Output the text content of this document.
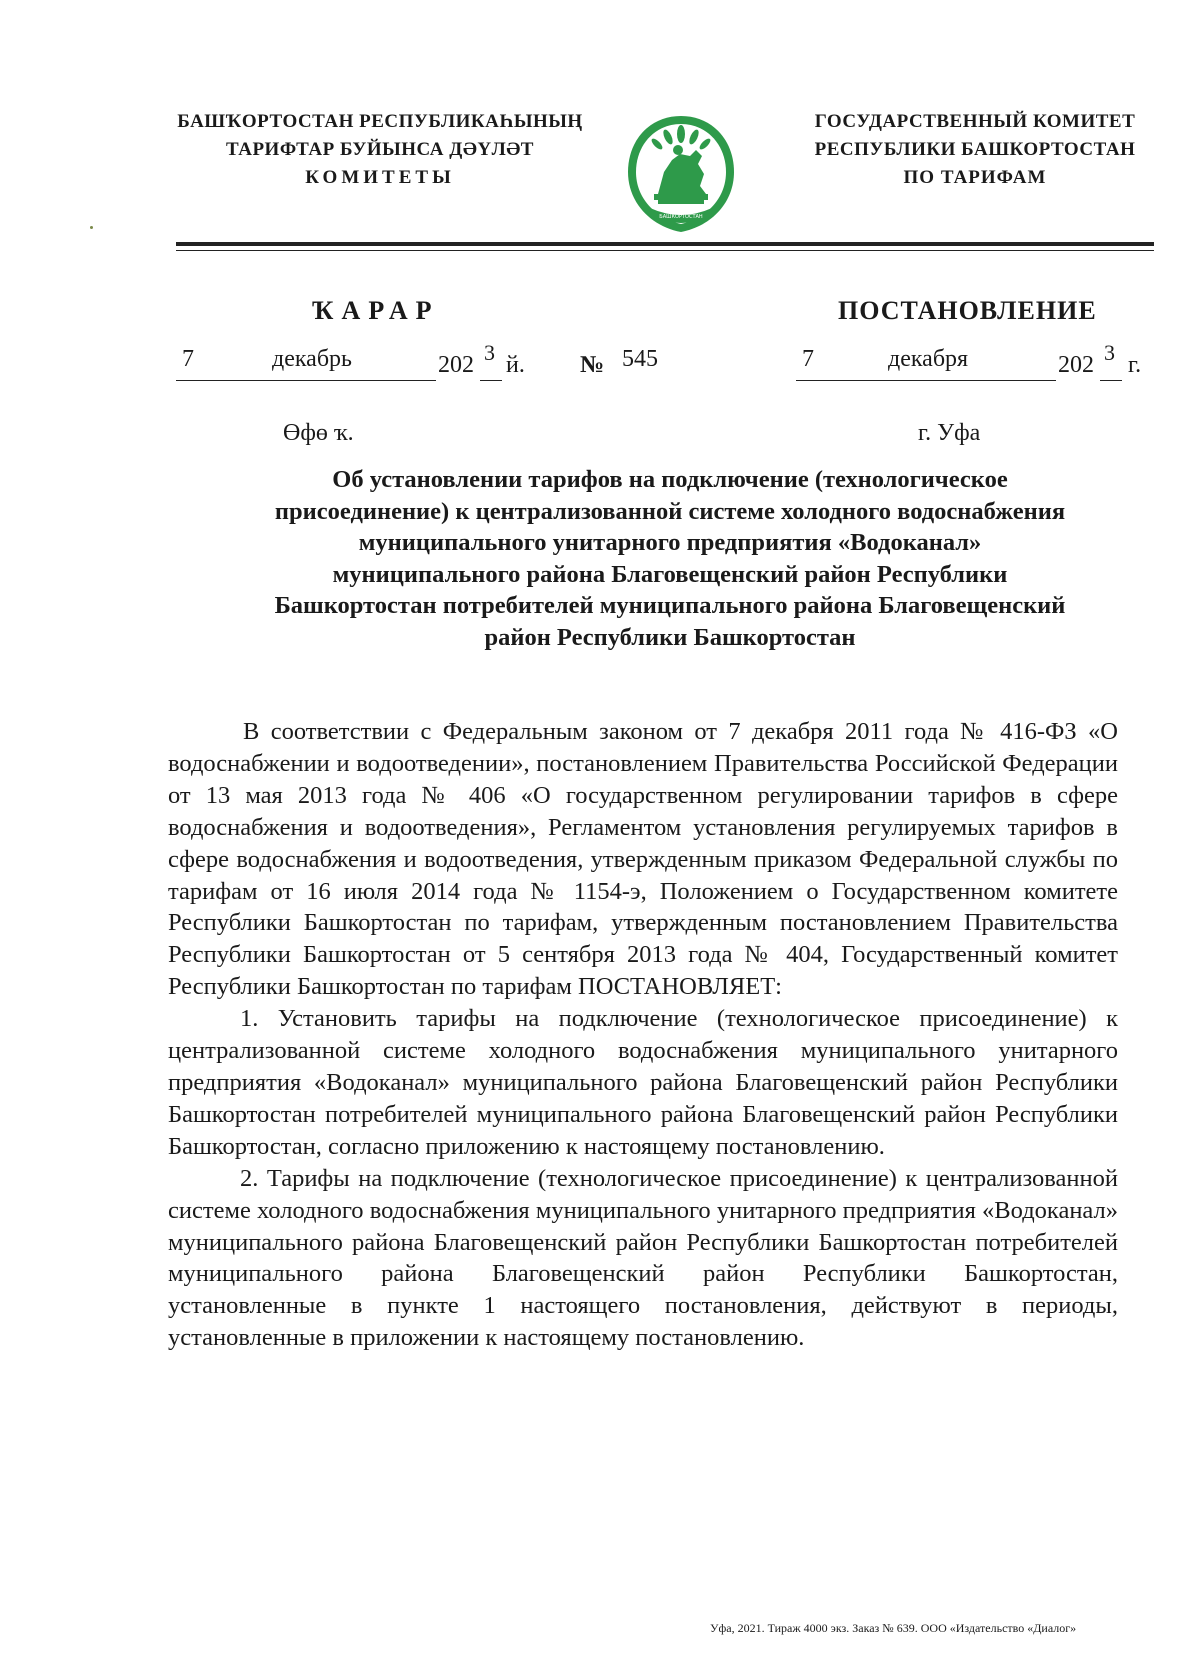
БАШҠОРТОСТАН РЕСПУБЛИКАҺЫНЫҢ
ТАРИФТАР БУЙЫНСА ДӘҮЛӘТ
КОМИТЕТЫ
БАШКОРТОСТАН
ГОСУДАРСТВЕННЫЙ КОМИТЕТ
РЕСПУБЛИКИ БАШКОРТОСТАН
ПО ТАРИФАМ
ҠАРАР	ПОСТАНОВЛЕНИЕ
7	декабрь	202 3 й. № 545	7	декабря	202 3 г.
Өфө ҡ.	г. Уфа
Об установлении тарифов на подключение (технологическое
присоединение) к централизованной системе холодного водоснабжения
муниципального унитарного предприятия «Водоканал»
муниципального района Благовещенский район Республики
Башкортостан потребителей муниципального района Благовещенский
район Республики Башкортостан

В соответствии с Федеральным законом от 7 декабря 2011 года № 416-ФЗ «О водоснабжении и водоотведении», постановлением Правительства Российской Федерации от 13 мая 2013 года № 406 «О государственном регулировании тарифов в сфере водоснабжения и водоотведения», Регламентом установления регулируемых тарифов в сфере водоснабжения и водоотведения, утвержденным приказом Федеральной службы по тарифам от 16 июля 2014 года № 1154-э, Положением о Государственном комитете Республики Башкортостан по тарифам, утвержденным постановлением Правительства Республики Башкортостан от 5 сентября 2013 года № 404, Государственный комитет Республики Башкортостан по тарифам ПОСТАНОВЛЯЕТ:

1. Установить тарифы на подключение (технологическое присоединение) к централизованной системе холодного водоснабжения муниципального унитарного предприятия «Водоканал» муниципального района Благовещенский район Республики Башкортостан потребителей муниципального района Благовещенский район Республики Башкортостан, согласно приложению к настоящему постановлению.

2. Тарифы на подключение (технологическое присоединение) к централизованной системе холодного водоснабжения муниципального унитарного предприятия «Водоканал» муниципального района Благовещенский район Республики Башкортостан потребителей муниципального района Благовещенский район Республики Башкортостан, установленные в пункте 1 настоящего постановления, действуют в периоды, установленные в приложении к настоящему постановлению.

Уфа, 2021. Тираж 4000 экз. Заказ № 639. ООО «Издательство «Диалог»
